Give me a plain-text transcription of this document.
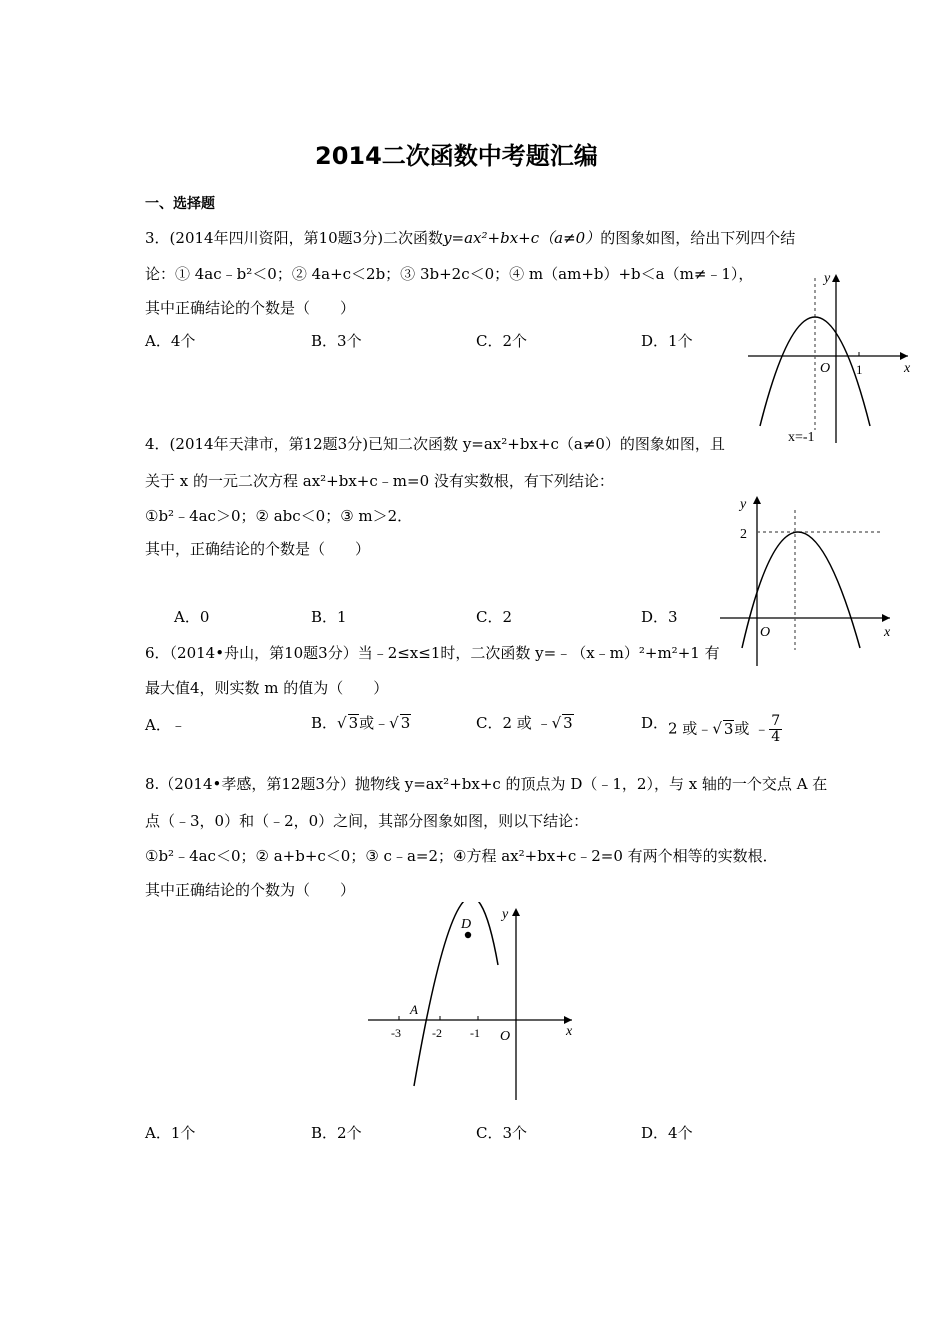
2014二次函数中考题汇编
一、选择题
3．(2014年四川资阳，第10题3分)二次函数y=ax²+bx+c（a≠0）的图象如图，给出下列四个结
论：① 4ac﹣b²＜0；② 4a+c＜2b；③ 3b+2c＜0；④ m（am+b）+b＜a（m≠﹣1），
其中正确结论的个数是（　　）
A．4个	B．3个	C．2个	D．1个
y
x
O 1
x=-1
4．(2014年天津市，第12题3分)已知二次函数 y=ax²+bx+c（a≠0）的图象如图，且
关于 x 的一元二次方程 ax²+bx+c﹣m=0 没有实数根，有下列结论：
①b²﹣4ac＞0；② abc＜0；③ m＞2．
其中，正确结论的个数是（　　）
A．0	B．1	C．2	D．3
y
x
O
2
6．（2014•舟山，第10题3分）当﹣2≤x≤1时，二次函数 y=﹣（x﹣m）²+m²+1 有
最大值4，则实数 m 的值为（　　）
A．﹣	B．√ 3或﹣√ 3	C．2 或 ﹣√ 3	D． 2 或﹣√ 3或 ﹣ $\frac{7}{4}$
8.（2014•孝感，第12题3分）抛物线 y=ax²+bx+c 的顶点为 D（﹣1，2），与 x 轴的一个交点 A 在
点（﹣3，0）和（﹣2，0）之间，其部分图象如图，则以下结论：
①b²﹣4ac＜0；② a+b+c＜0；③ c﹣a=2；④方程 ax²+bx+c﹣2=0 有两个相等的实数根．
其中正确结论的个数为（　　）
y
x
O
D
A
-3	-2 -1
A．1个	B．2个	C．3个	D．4个
